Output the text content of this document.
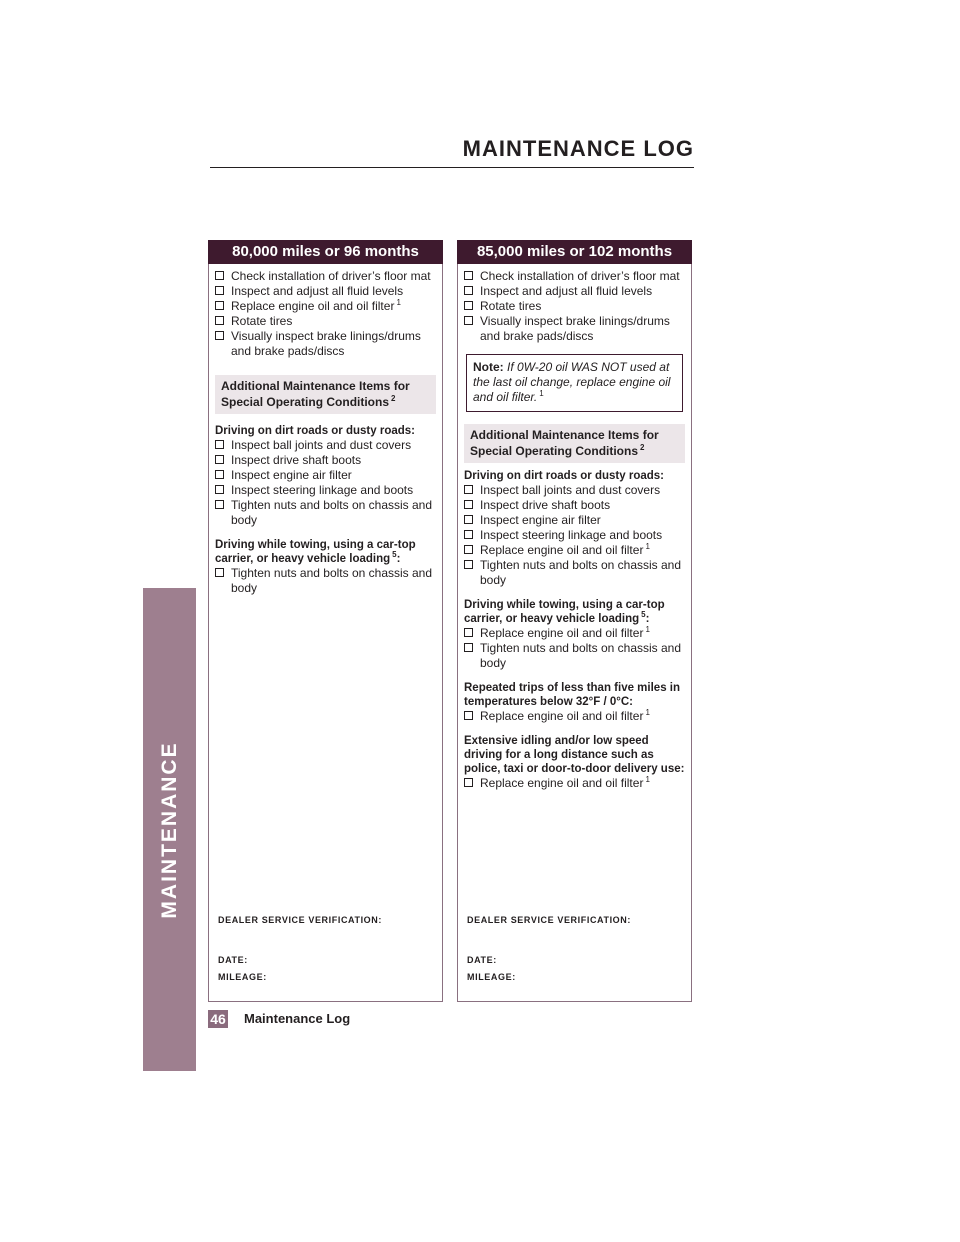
MAINTENANCE
MAINTENANCE LOG
80,000 miles or 96 months

Check installation of driver’s floor mat

Inspect and adjust all fluid levels

Replace engine oil and oil filter $^1$

Rotate tires

Visually inspect brake linings/drums and brake pads/discs

Additional Maintenance Items for
Special Operating Conditions $^2$

Driving on dirt roads or dusty roads:

Inspect ball joints and dust covers

Inspect drive shaft boots

Inspect engine air filter

Inspect steering linkage and boots

Tighten nuts and bolts on chassis and body

Driving while towing, using a car-top carrier, or heavy vehicle loading $^5$:

Tighten nuts and bolts on chassis and body

DEALER SERVICE VERIFICATION:
DATE:
MILEAGE:
85,000 miles or 102 months

Check installation of driver’s floor mat

Inspect and adjust all fluid levels

Rotate tires

Visually inspect brake linings/drums and brake pads/discs

Note: If 0W-20 oil WAS NOT used at the last oil change, replace engine oil and oil filter. $^1$
Additional Maintenance Items for
Special Operating Conditions $^2$

Driving on dirt roads or dusty roads:

Inspect ball joints and dust covers

Inspect drive shaft boots

Inspect engine air filter

Inspect steering linkage and boots

Replace engine oil and oil filter $^1$

Tighten nuts and bolts on chassis and body

Driving while towing, using a car-top carrier, or heavy vehicle loading $^5$:

Replace engine oil and oil filter $^1$

Tighten nuts and bolts on chassis and body

Repeated trips of less than five miles in temperatures below 32°F / 0°C:

Replace engine oil and oil filter $^1$

Extensive idling and/or low speed driving for a long distance such as police, taxi or door-to-door delivery use:

Replace engine oil and oil filter $^1$

DEALER SERVICE VERIFICATION:
DATE:
MILEAGE:
46 Maintenance Log
